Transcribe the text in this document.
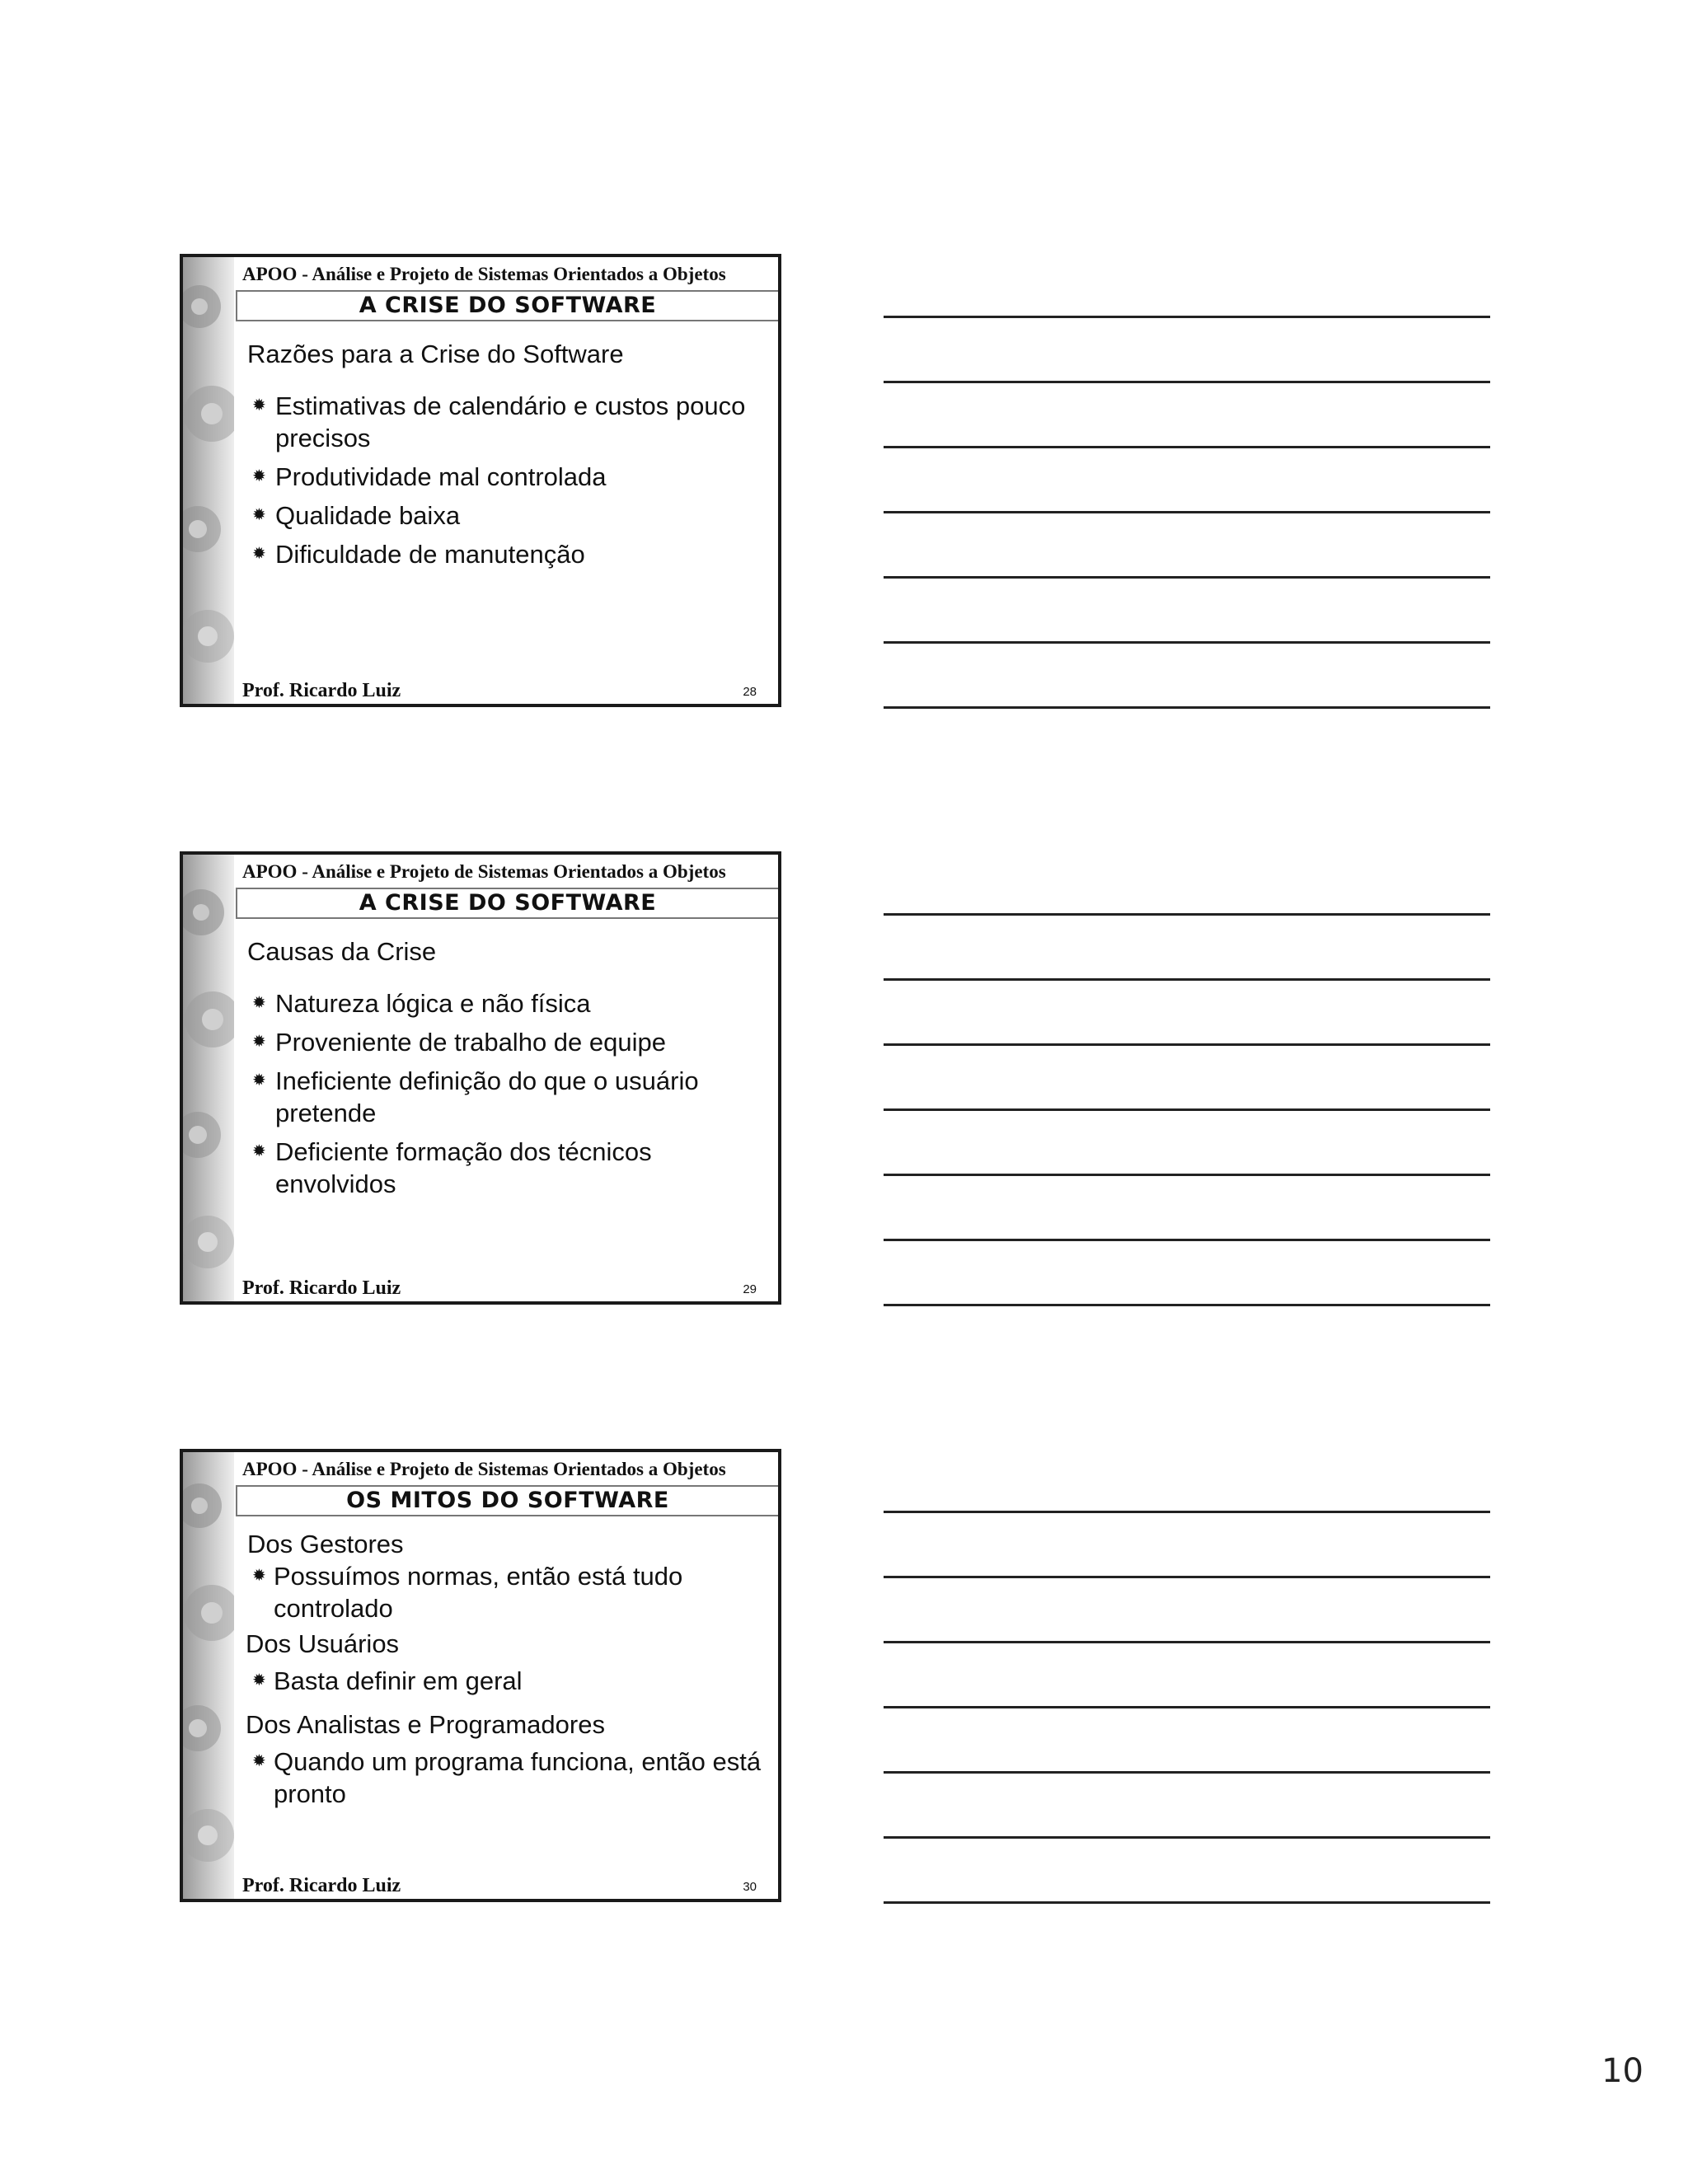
APOO - Análise e Projeto de Sistemas Orientados a Objetos
A CRISE DO SOFTWARE

Razões para a Crise do Software

✹ Estimativas de calendário e custos pouco precisos
✹ Produtividade mal controlada
✹ Qualidade baixa
✹ Dificuldade de manutenção
Prof. Ricardo Luiz	28
APOO - Análise e Projeto de Sistemas Orientados a Objetos
A CRISE DO SOFTWARE

Causas da Crise

✹ Natureza lógica e não física
✹ Proveniente de trabalho de equipe
✹ Ineficiente definição do que o usuário pretende
✹ Deficiente formação dos técnicos envolvidos
Prof. Ricardo Luiz	29
APOO - Análise e Projeto de Sistemas Orientados a Objetos
OS MITOS DO SOFTWARE

Dos Gestores

✹ Possuímos normas, então está tudo controlado

Dos Usuários

✹ Basta definir em geral

Dos Analistas e Programadores

✹ Quando um programa funciona, então está pronto
Prof. Ricardo Luiz	30
10
